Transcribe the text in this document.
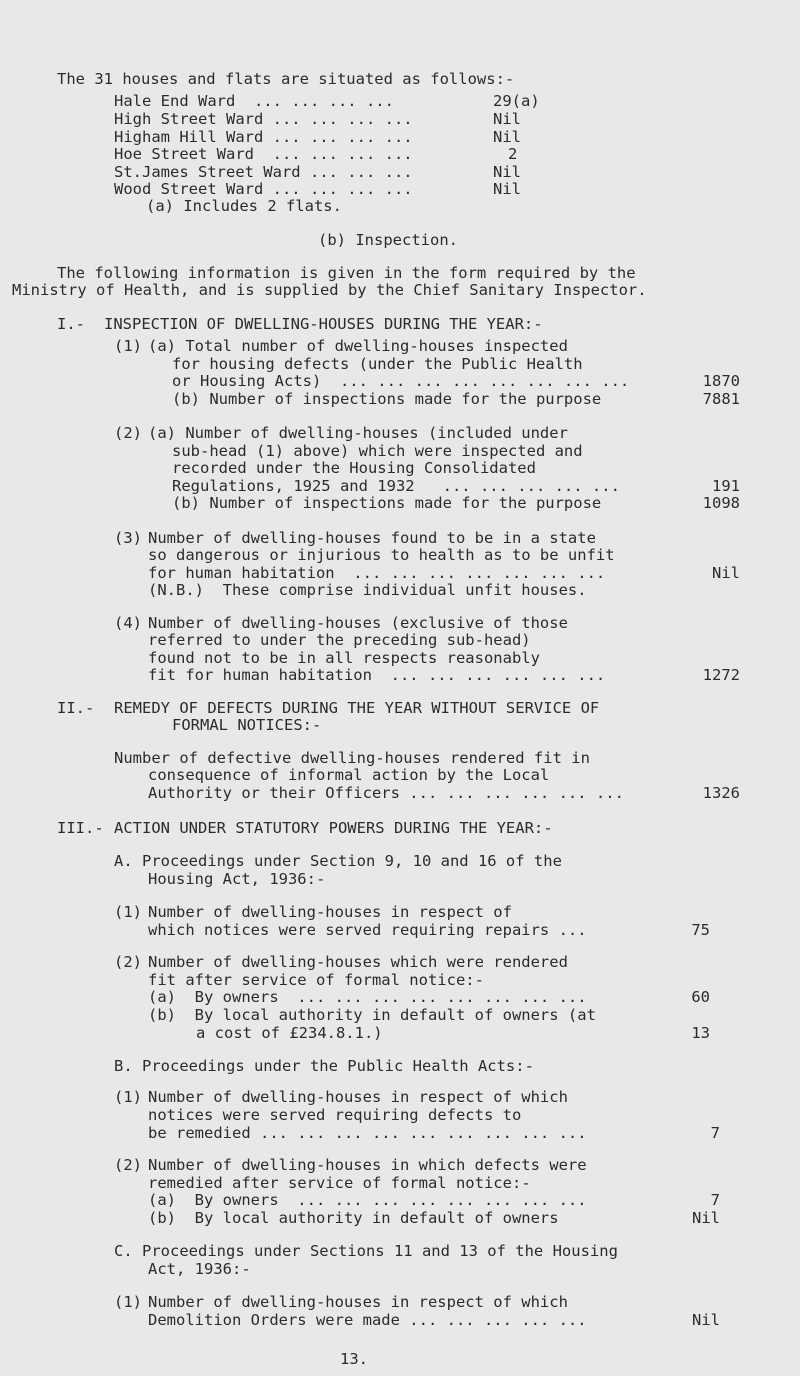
The 31 houses and flats are situated as follows:-
Hale End Ward  ... ... ... ...	29(a)
High Street Ward ... ... ... ...	Nil
Higham Hill Ward ... ... ... ...	Nil
Hoe Street Ward  ... ... ... ...	2
St.James Street Ward ... ... ...	Nil
Wood Street Ward ... ... ... ...	Nil
(a) Includes 2 flats.
(b) Inspection.
The following information is given in the form required by the
Ministry of Health, and is supplied by the Chief Sanitary Inspector.
I.- INSPECTION OF DWELLING-HOUSES DURING THE YEAR:-
(1) (a) Total number of dwelling-houses inspected
for housing defects (under the Public Health
or Housing Acts)  ... ... ... ... ... ... ... ...	1870
(b) Number of inspections made for the purpose	7881
(2) (a) Number of dwelling-houses (included under
sub-head (1) above) which were inspected and
recorded under the Housing Consolidated
Regulations, 1925 and 1932   ... ... ... ... ...	191
(b) Number of inspections made for the purpose	1098
(3) Number of dwelling-houses found to be in a state
so dangerous or injurious to health as to be unfit
for human habitation  ... ... ... ... ... ... ...	Nil
(N.B.)  These comprise individual unfit houses.
(4) Number of dwelling-houses (exclusive of those
referred to under the preceding sub-head)
found not to be in all respects reasonably
fit for human habitation  ... ... ... ... ... ...	1272
II.- REMEDY OF DEFECTS DURING THE YEAR WITHOUT SERVICE OF
FORMAL NOTICES:-
Number of defective dwelling-houses rendered fit in
consequence of informal action by the Local
Authority or their Officers ... ... ... ... ... ...	1326
III.- ACTION UNDER STATUTORY POWERS DURING THE YEAR:-
A. Proceedings under Section 9, 10 and 16 of the
Housing Act, 1936:-
(1) Number of dwelling-houses in respect of
which notices were served requiring repairs ...	75
(2) Number of dwelling-houses which were rendered
fit after service of formal notice:-
(a)  By owners  ... ... ... ... ... ... ... ...	60
(b)  By local authority in default of owners (at
a cost of £234.8.1.)	13
B. Proceedings under the Public Health Acts:-
(1) Number of dwelling-houses in respect of which
notices were served requiring defects to
be remedied ... ... ... ... ... ... ... ... ...	7
(2) Number of dwelling-houses in which defects were
remedied after service of formal notice:-
(a)  By owners  ... ... ... ... ... ... ... ...	7
(b)  By local authority in default of owners	Nil
C. Proceedings under Sections 11 and 13 of the Housing
Act, 1936:-
(1) Number of dwelling-houses in respect of which
Demolition Orders were made ... ... ... ... ...	Nil
13.
